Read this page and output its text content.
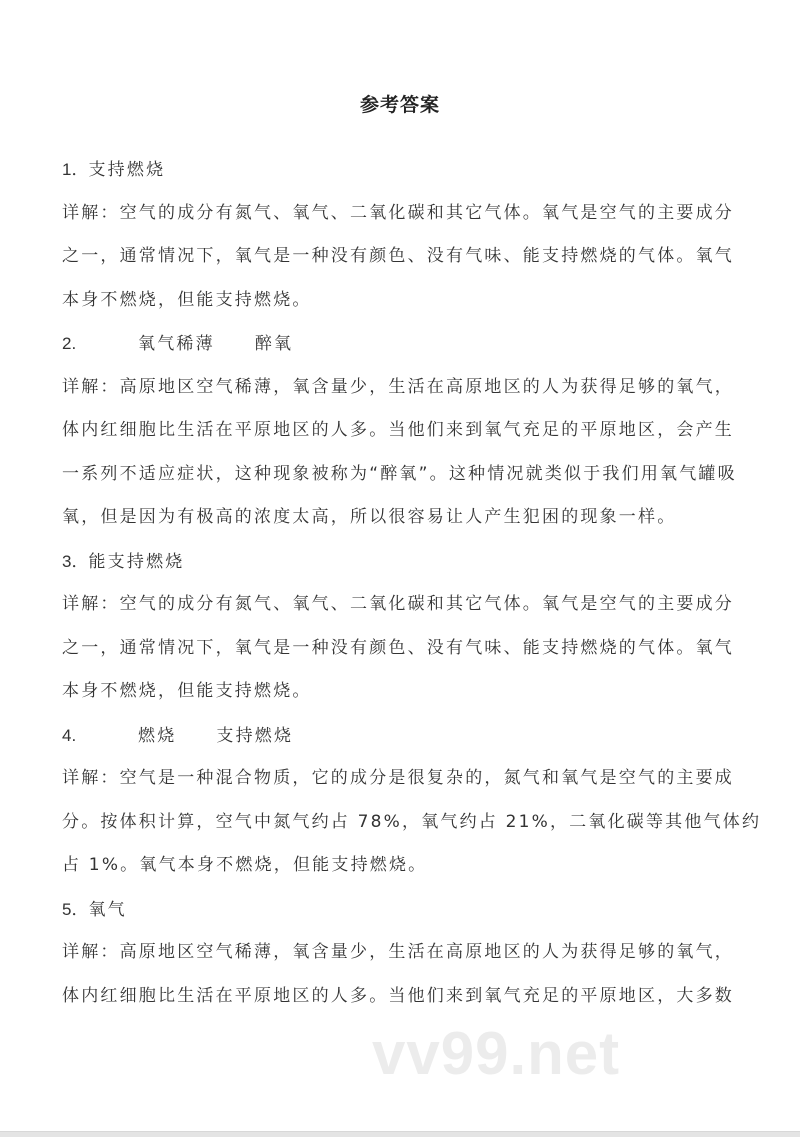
参考答案
1．支持燃烧
详解：空气的成分有氮气、氧气、二氧化碳和其它气体。氧气是空气的主要成分
之一，通常情况下，氧气是一种没有颜色、没有气味、能支持燃烧的气体。氧气
本身不燃烧，但能支持燃烧。
2.	氧气稀薄 醉氧
详解：高原地区空气稀薄，氧含量少，生活在高原地区的人为获得足够的氧气，
体内红细胞比生活在平原地区的人多。当他们来到氧气充足的平原地区，会产生
一系列不适应症状，这种现象被称为“醉氧”。这种情况就类似于我们用氧气罐吸
氧，但是因为有极高的浓度太高，所以很容易让人产生犯困的现象一样。
3．能支持燃烧
详解：空气的成分有氮气、氧气、二氧化碳和其它气体。氧气是空气的主要成分
之一，通常情况下，氧气是一种没有颜色、没有气味、能支持燃烧的气体。氧气
本身不燃烧，但能支持燃烧。
4.	燃烧 支持燃烧
详解：空气是一种混合物质，它的成分是很复杂的，氮气和氧气是空气的主要成
分。按体积计算，空气中氮气约占 78%，氧气约占 21%，二氧化碳等其他气体约
占 1%。氧气本身不燃烧，但能支持燃烧。
5．氧气
详解：高原地区空气稀薄，氧含量少，生活在高原地区的人为获得足够的氧气，
体内红细胞比生活在平原地区的人多。当他们来到氧气充足的平原地区，大多数
vv99.net
